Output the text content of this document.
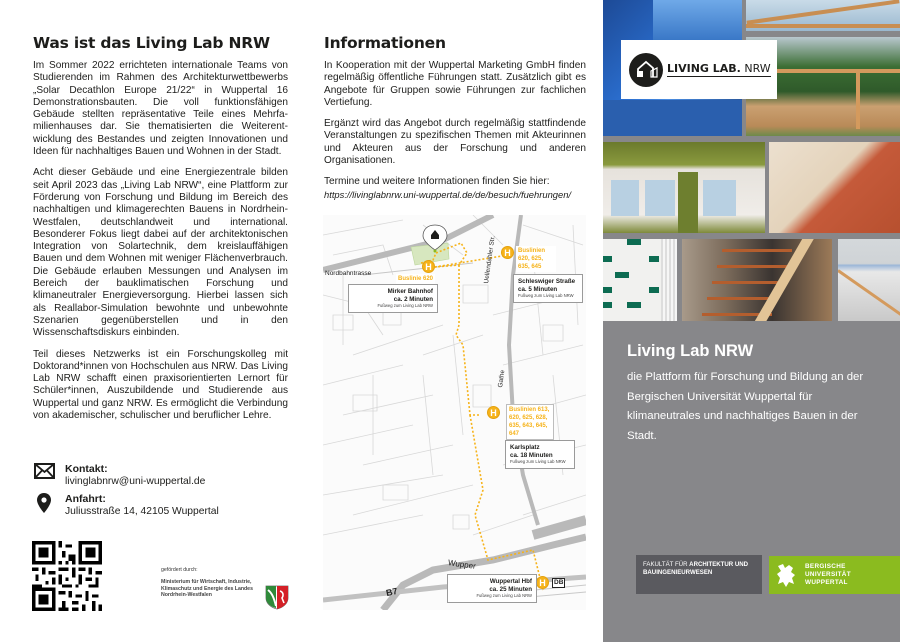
Was ist das Living Lab NRW

Im Sommer 2022 errichteten internationale Teams von Studierenden im Rahmen des Architekturwettbewerbs „Solar Decathlon Europe 21/22“ in Wuppertal 16 Demonstrationsbauten. Die voll funktionsfähigen Gebäude stellten repräsentative Teile eines Mehrfamilienhauses dar. Sie thematisierten die Weiterentwicklung des Bestandes und zeigten Innovationen und Ideen für nachhaltiges Bauen und Wohnen in der Stadt.

Acht dieser Gebäude und eine Energiezentrale bilden seit April 2023 das „Living Lab NRW“, eine Plattform zur Förderung von Forschung und Bildung im Bereich des nachhaltigen und klimagerechten Bauens in Nordrhein-Westfalen, deutschlandweit und international. Besonderer Fokus liegt dabei auf der architektonischen Integration von Solartechnik, dem kreislauffähigen Bauen und dem Wohnen mit weniger Flächenverbrauch. Die Gebäude erlauben Messungen und Analysen im Bereich der bauklimatischen Forschung und klimaneutraler Energieversorgung. Hierbei lassen sich als Reallabor-Simulation bewohnte und unbewohnte Szenarien gegenüberstellen und in den Wissenschaftsdiskurs einbinden.

Teil dieses Netzwerks ist ein Forschungskolleg mit Doktorand*innen von Hochschulen aus NRW. Das Living Lab NRW schafft einen praxisorientierten Lernort für Schüler*innen, Auszubildende und Studierende aus Wuppertal und ganz NRW. Es ermöglicht die Verbindung von akademischer, schulischer und beruflicher Lehre.

Kontakt:
livinglabnrw@uni-wuppertal.de
Anfahrt:
Juliusstraße 14, 42105 Wuppertal
gefördert durch:
Ministerium für Wirtschaft, Industrie, Klimaschutz und Energie des Landes Nordrhein-Westfalen
Informationen

In Kooperation mit der Wuppertal Marketing GmbH finden regelmäßig öffentliche Führungen statt. Zusätzlich gibt es Angebote für Gruppen sowie Führungen zur fachlichen Vertiefung.

Ergänzt wird das Angebot durch regelmäßig stattfindende Veranstaltungen zu spezifischen Themen mit Akteurinnen und Akteuren aus der Forschung und anderen Organisationen.

Termine und weitere Informationen finden Sie hier:
https://livinglabnrw.uni-wuppertal.de/de/besuch/fuehrungen/

Nordbahntrasse	Uellendahler Str.
Gathe
Wupper
B7
H
Buslinie 620
Mirker Bahnhof
ca. 2 Minuten
Fußweg zum Living Lab NRW
H	Buslinien 620, 625, 635, 645
Schleswiger Straße
ca. 5 Minuten
Fußweg zum Living Lab NRW
H	Buslinien 613, 620, 625, 628, 635, 643, 645, 647
Karlsplatz
ca. 18 Minuten
Fußweg zum Living Lab NRW
H	DB
Wuppertal Hbf
ca. 25 Minuten
Fußweg zum Living Lab NRW
LIVING LAB. NRW
Living Lab NRW
die Plattform für Forschung und Bildung an der Bergischen Universität Wuppertal für klimaneutrales und nachhaltiges Bauen in der Stadt.
FAKULTÄT FÜR ARCHITEKTUR UND BAUINGENIEURWESEN
BERGISCHE
UNIVERSITÄT
WUPPERTAL
